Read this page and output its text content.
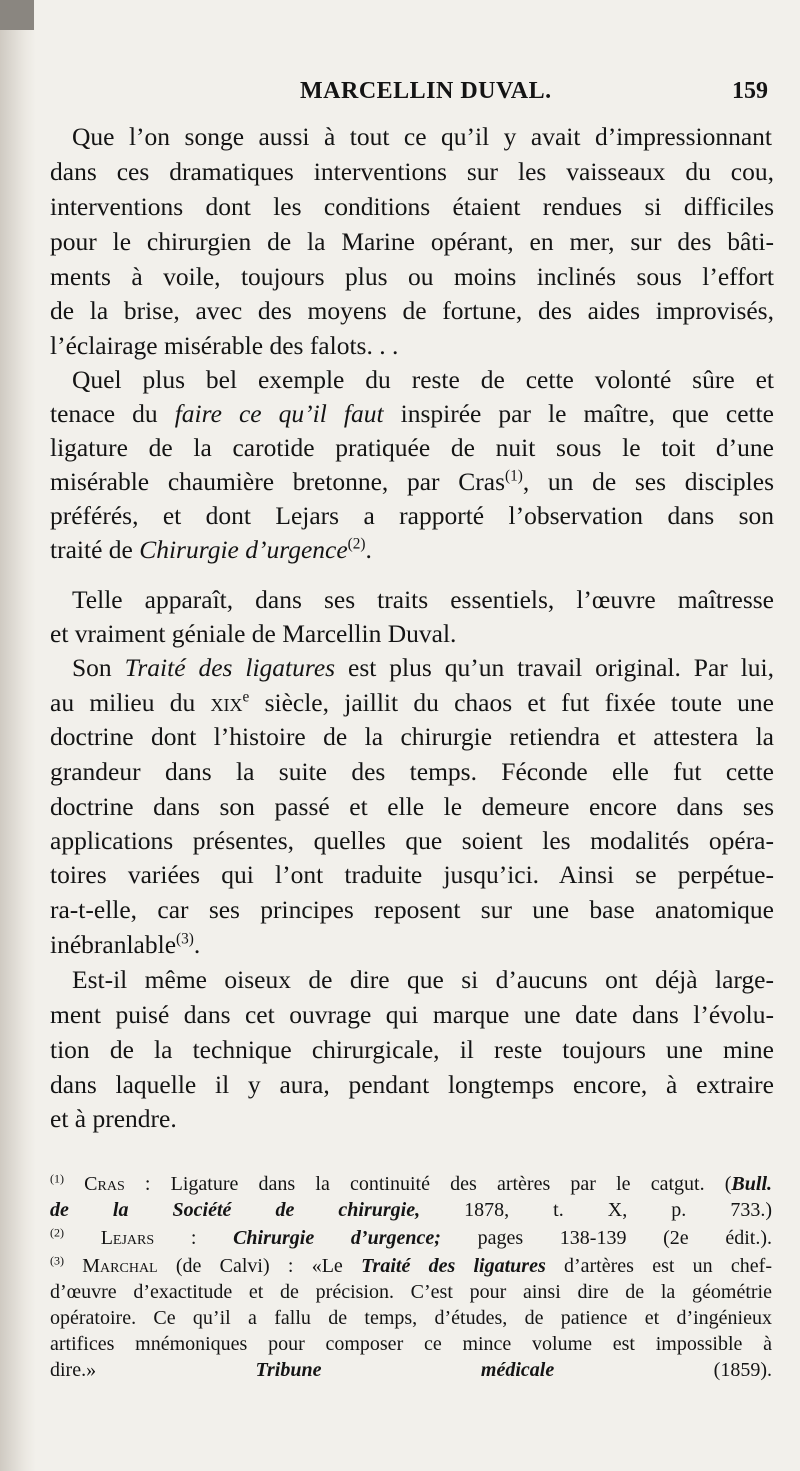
MARCELLIN DUVAL.	159
Que l’on songe aussi à tout ce qu’il y avait d’impressionnant
dans ces dramatiques interventions sur les vaisseaux du cou,
interventions dont les conditions étaient rendues si difficiles
pour le chirurgien de la Marine opérant, en mer, sur des bâti-
ments à voile, toujours plus ou moins inclinés sous l’effort
de la brise, avec des moyens de fortune, des aides improvisés,
l’éclairage misérable des falots. . .
Quel plus bel exemple du reste de cette volonté sûre et
tenace du faire ce qu’il faut inspirée par le maître, que cette
ligature de la carotide pratiquée de nuit sous le toit d’une
misérable chaumière bretonne, par Cras$^{(1)}$, un de ses disciples
préférés, et dont Lejars a rapporté l’observation dans son
traité de Chirurgie d’urgence$^{(2)}$.
Telle apparaît, dans ses traits essentiels, l’œuvre maîtresse
et vraiment géniale de Marcellin Duval.
Son Traité des ligatures est plus qu’un travail original. Par lui,
au milieu du xix$^e$ siècle, jaillit du chaos et fut fixée toute une
doctrine dont l’histoire de la chirurgie retiendra et attestera la
grandeur dans la suite des temps. Féconde elle fut cette
doctrine dans son passé et elle le demeure encore dans ses
applications présentes, quelles que soient les modalités opéra-
toires variées qui l’ont traduite jusqu’ici. Ainsi se perpétue-
ra-t-elle, car ses principes reposent sur une base anatomique
inébranlable$^{(3)}$.
Est-il même oiseux de dire que si d’aucuns ont déjà large-
ment puisé dans cet ouvrage qui marque une date dans l’évolu-
tion de la technique chirurgicale, il reste toujours une mine
dans laquelle il y aura, pendant longtemps encore, à extraire
et à prendre.
$^{(1)}$ Cras : Ligature dans la continuité des artères par le catgut. (Bull.
de la Société de chirurgie, 1878, t. X, p. 733.)
$^{(2)}$ Lejars : Chirurgie d’urgence; pages 138-139 (2e édit.).
$^{(3)}$ Marchal (de Calvi) : «Le Traité des ligatures d’artères est un chef-
d’œuvre d’exactitude et de précision. C’est pour ainsi dire de la géométrie
opératoire. Ce qu’il a fallu de temps, d’études, de patience et d’ingénieux
artifices mnémoniques pour composer ce mince volume est impossible à
dire.» Tribune médicale (1859).
